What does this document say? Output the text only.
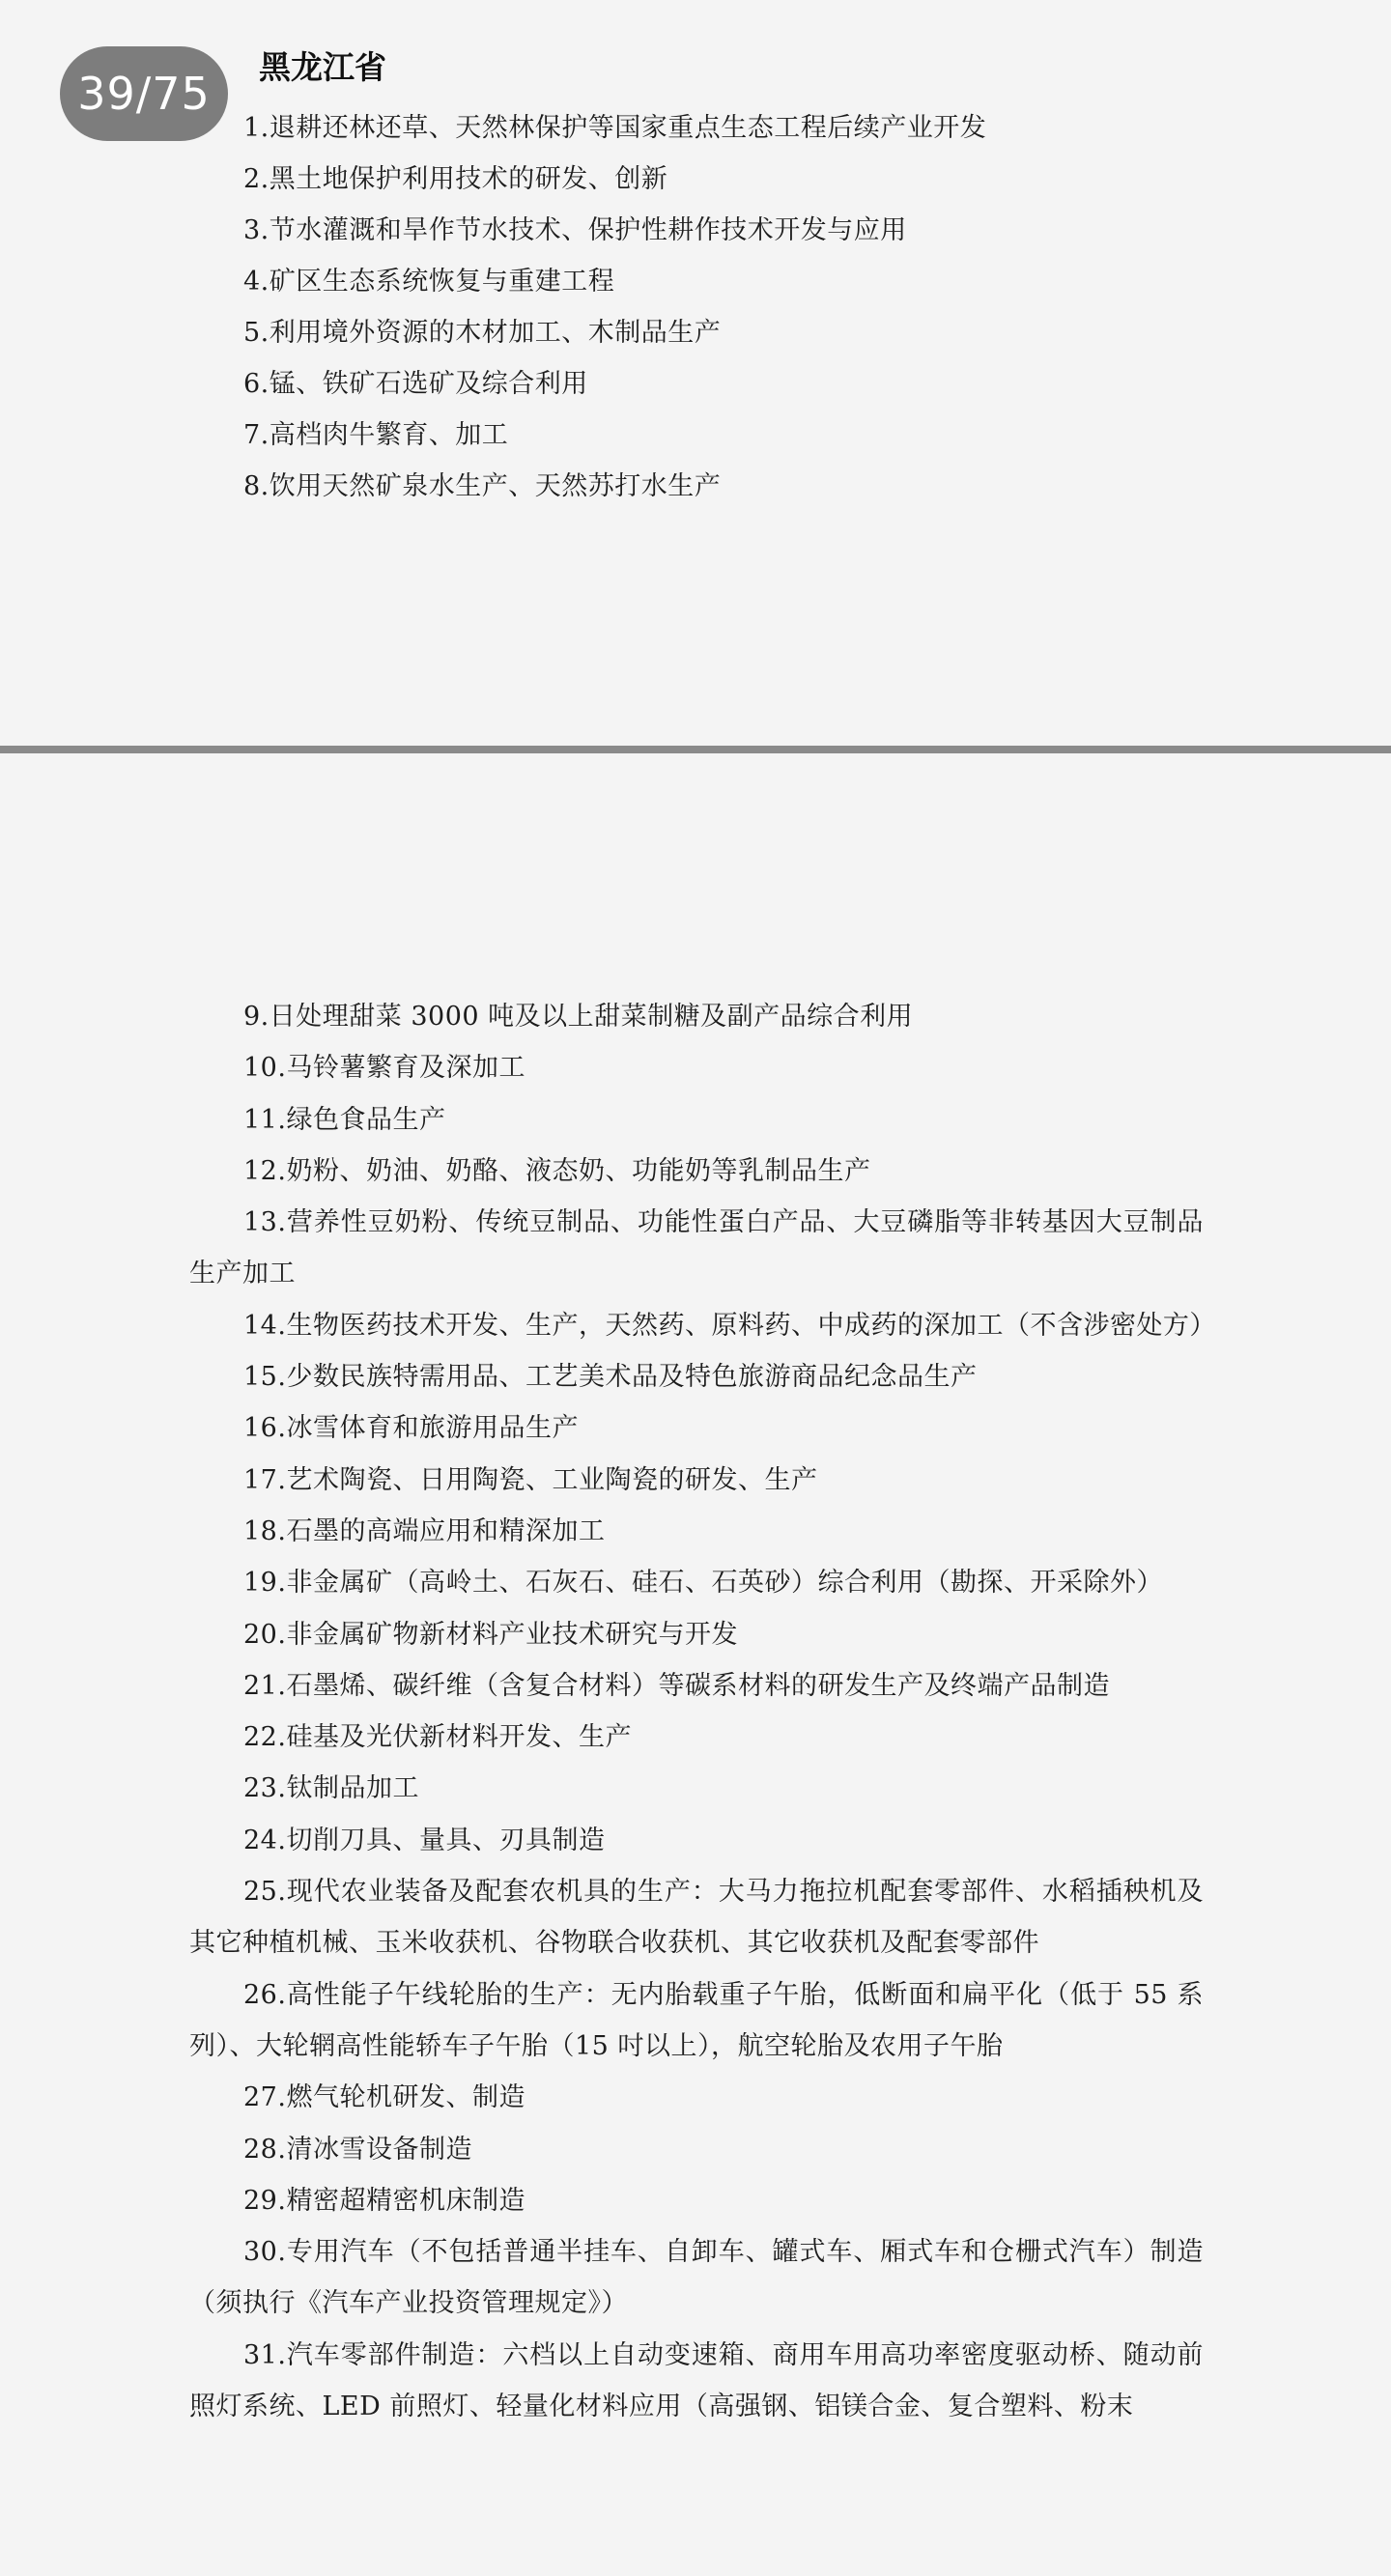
39/75
黑龙江省
1.退耕还林还草、天然林保护等国家重点生态工程后续产业开发
2.黑土地保护利用技术的研发、创新
3.节水灌溉和旱作节水技术、保护性耕作技术开发与应用
4.矿区生态系统恢复与重建工程
5.利用境外资源的木材加工、木制品生产
6.锰、铁矿石选矿及综合利用
7.高档肉牛繁育、加工
8.饮用天然矿泉水生产、天然苏打水生产
9.日处理甜菜 3000 吨及以上甜菜制糖及副产品综合利用
10.马铃薯繁育及深加工
11.绿色食品生产
12.奶粉、奶油、奶酪、液态奶、功能奶等乳制品生产
13.营养性豆奶粉、传统豆制品、功能性蛋白产品、大豆磷脂等非转基因大豆制品生产加工
14.生物医药技术开发、生产，天然药、原料药、中成药的深加工（不含涉密处方）
15.少数民族特需用品、工艺美术品及特色旅游商品纪念品生产
16.冰雪体育和旅游用品生产
17.艺术陶瓷、日用陶瓷、工业陶瓷的研发、生产
18.石墨的高端应用和精深加工
19.非金属矿（高岭土、石灰石、硅石、石英砂）综合利用（勘探、开采除外）
20.非金属矿物新材料产业技术研究与开发
21.石墨烯、碳纤维（含复合材料）等碳系材料的研发生产及终端产品制造
22.硅基及光伏新材料开发、生产
23.钛制品加工
24.切削刀具、量具、刃具制造
25.现代农业装备及配套农机具的生产：大马力拖拉机配套零部件、水稻插秧机及其它种植机械、玉米收获机、谷物联合收获机、其它收获机及配套零部件
26.高性能子午线轮胎的生产：无内胎载重子午胎，低断面和扁平化（低于 55 系列）、大轮辋高性能轿车子午胎（15 吋以上），航空轮胎及农用子午胎
27.燃气轮机研发、制造
28.清冰雪设备制造
29.精密超精密机床制造
30.专用汽车（不包括普通半挂车、自卸车、罐式车、厢式车和仓栅式汽车）制造（须执行《汽车产业投资管理规定》）
31.汽车零部件制造：六档以上自动变速箱、商用车用高功率密度驱动桥、随动前照灯系统、LED 前照灯、轻量化材料应用（高强钢、铝镁合金、复合塑料、粉末
